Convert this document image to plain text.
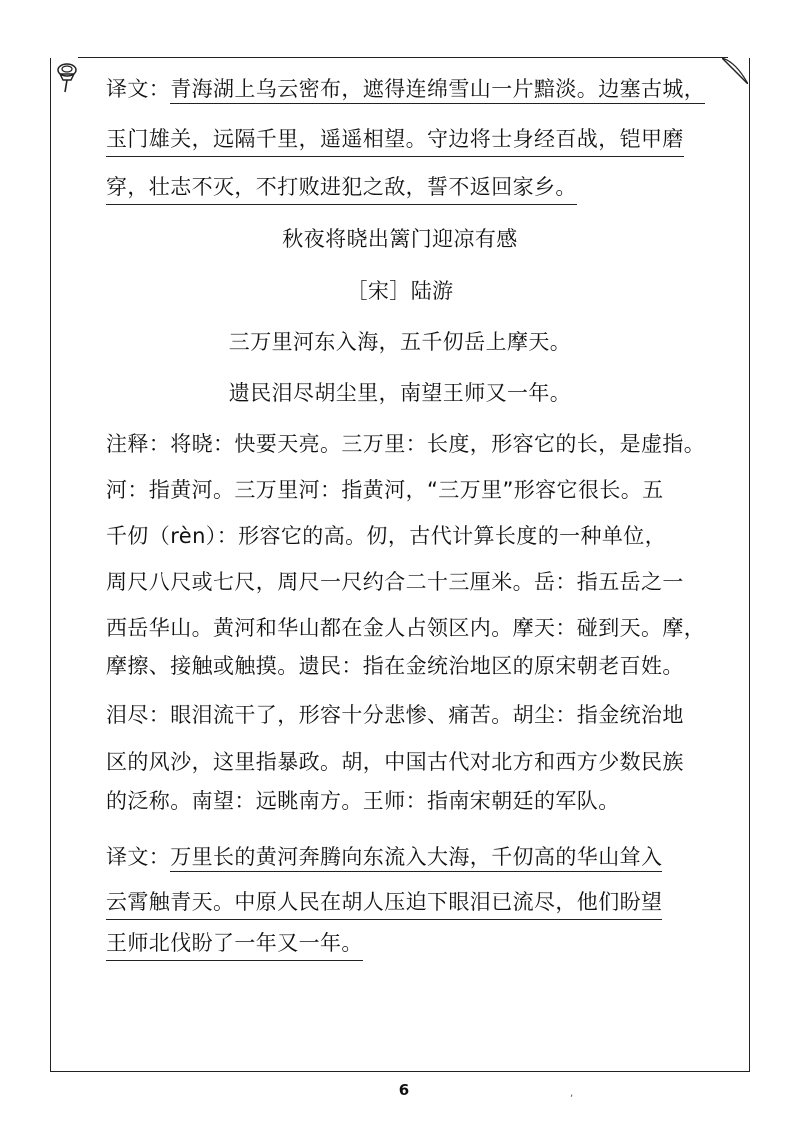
译文：青海湖上乌云密布，遮得连绵雪山一片黯淡。边塞古城，
玉门雄关，远隔千里，遥遥相望。守边将士身经百战，铠甲磨
穿，壮志不灭，不打败进犯之敌，誓不返回家乡。
秋夜将晓出篱门迎凉有感
［宋］陆游
三万里河东入海，五千仞岳上摩天。
遗民泪尽胡尘里，南望王师又一年。
注释：将晓：快要天亮。三万里：长度，形容它的长，是虚指。
河：指黄河。三万里河：指黄河，“三万里”形容它很长。五
千仞（rèn）：形容它的高。仞，古代计算长度的一种单位，
周尺八尺或七尺，周尺一尺约合二十三厘米。岳：指五岳之一
西岳华山。黄河和华山都在金人占领区内。摩天：碰到天。摩，
摩擦、接触或触摸。遗民：指在金统治地区的原宋朝老百姓。
泪尽：眼泪流干了，形容十分悲惨、痛苦。胡尘：指金统治地
区的风沙，这里指暴政。胡，中国古代对北方和西方少数民族
的泛称。南望：远眺南方。王师：指南宋朝廷的军队。
译文：万里长的黄河奔腾向东流入大海，千仞高的华山耸入
云霄触青天。中原人民在胡人压迫下眼泪已流尽，他们盼望
王师北伐盼了一年又一年。
6	,
